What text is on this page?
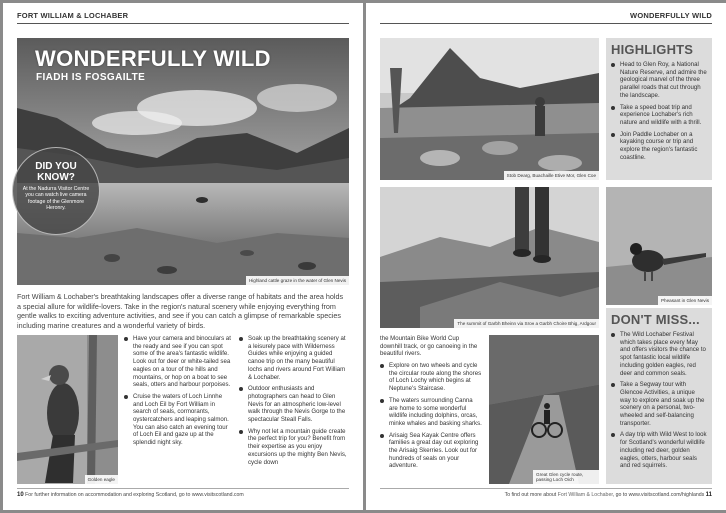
FORT WILLIAM & LOCHABER
WONDERFULLY WILD
FIADH IS FOSGAILTE
Highland cattle graze in the water of Glen Nevis
DID YOU
KNOW?
At the Nadurra Visitor Centre you can watch live camera footage of the Glenmore Heronry.
Fort William & Lochaber's breathtaking landscapes offer a diverse range of habitats and the area holds a special allure for wildlife-lovers. Take in the region's natural scenery while enjoying everything from gentle walks to exciting adventure activities, and see if you can catch a glimpse of remarkable species including marine creatures and a wonderful variety of birds.
Golden eagle
Have your camera and binoculars at the ready and see if you can spot some of the area's fantastic wildlife. Look out for deer or white-tailed sea eagles on a tour of the hills and mountains, or hop on a boat to see seals, otters and harbour porpoises.
Cruise the waters of Loch Linnhe and Loch Eil by Fort William in search of seals, cormorants, oystercatchers and leaping salmon. You can also catch an evening tour of Loch Eil and gaze up at the splendid night sky.
Soak up the breathtaking scenery at a leisurely pace with Wilderness Guides while enjoying a guided canoe trip on the many beautiful lochs and rivers around Fort William & Lochaber.
Outdoor enthusiasts and photographers can head to Glen Nevis for an atmospheric low-level walk through the Nevis Gorge to the spectacular Steall Falls.
Why not let a mountain guide create the perfect trip for you? Benefit from their expertise as you enjoy excursions up the mighty Ben Nevis, cycle down
10 For further information on accommodation and exploring Scotland, go to www.visitscotland.com
WONDERFULLY WILD
Stob Dearg, Buachaille Etive Mor, Glen Coe
HIGHLIGHTS
Head to Glen Roy, a National Nature Reserve, and admire the geological marvel of the three parallel roads that cut through the landscape.
Take a speed boat trip and experience Lochaber's rich nature and wildlife with a thrill.
Join Paddle Lochaber on a kayaking course or trip and explore the region's fantastic coastline.
The summit of Garbh Bheinn via Srон a Garbh Choire Bhig, Ardgour
Pheasant in Glen Nevis
the Mountain Bike World Cup downhill track, or go canoeing in the beautiful rivers.
Explore on two wheels and cycle the circular route along the shores of Loch Lochy which begins at Neptune's Staircase.
The waters surrounding Canna are home to some wonderful wildlife including dolphins, orcas, minke whales and basking sharks.
Arisaig Sea Kayak Centre offers families a great day out exploring the Arisaig Skerries. Look out for hundreds of seals on your adventure.
Great Glen cycle route, passing Loch Oich
DON'T MISS...
The Wild Lochaber Festival which takes place every May and offers visitors the chance to spot fantastic local wildlife including golden eagles, red deer and common seals.
Take a Segway tour with Glencoe Activities, a unique way to explore and soak up the scenery on a personal, two-wheeled and self-balancing transporter.
A day trip with Wild West to look for Scotland's wonderful wildlife including red deer, golden eagles, otters, harbour seals and red squirrels.
To find out more about Fort William & Lochaber, go to www.visitscotland.com/highlands 11
